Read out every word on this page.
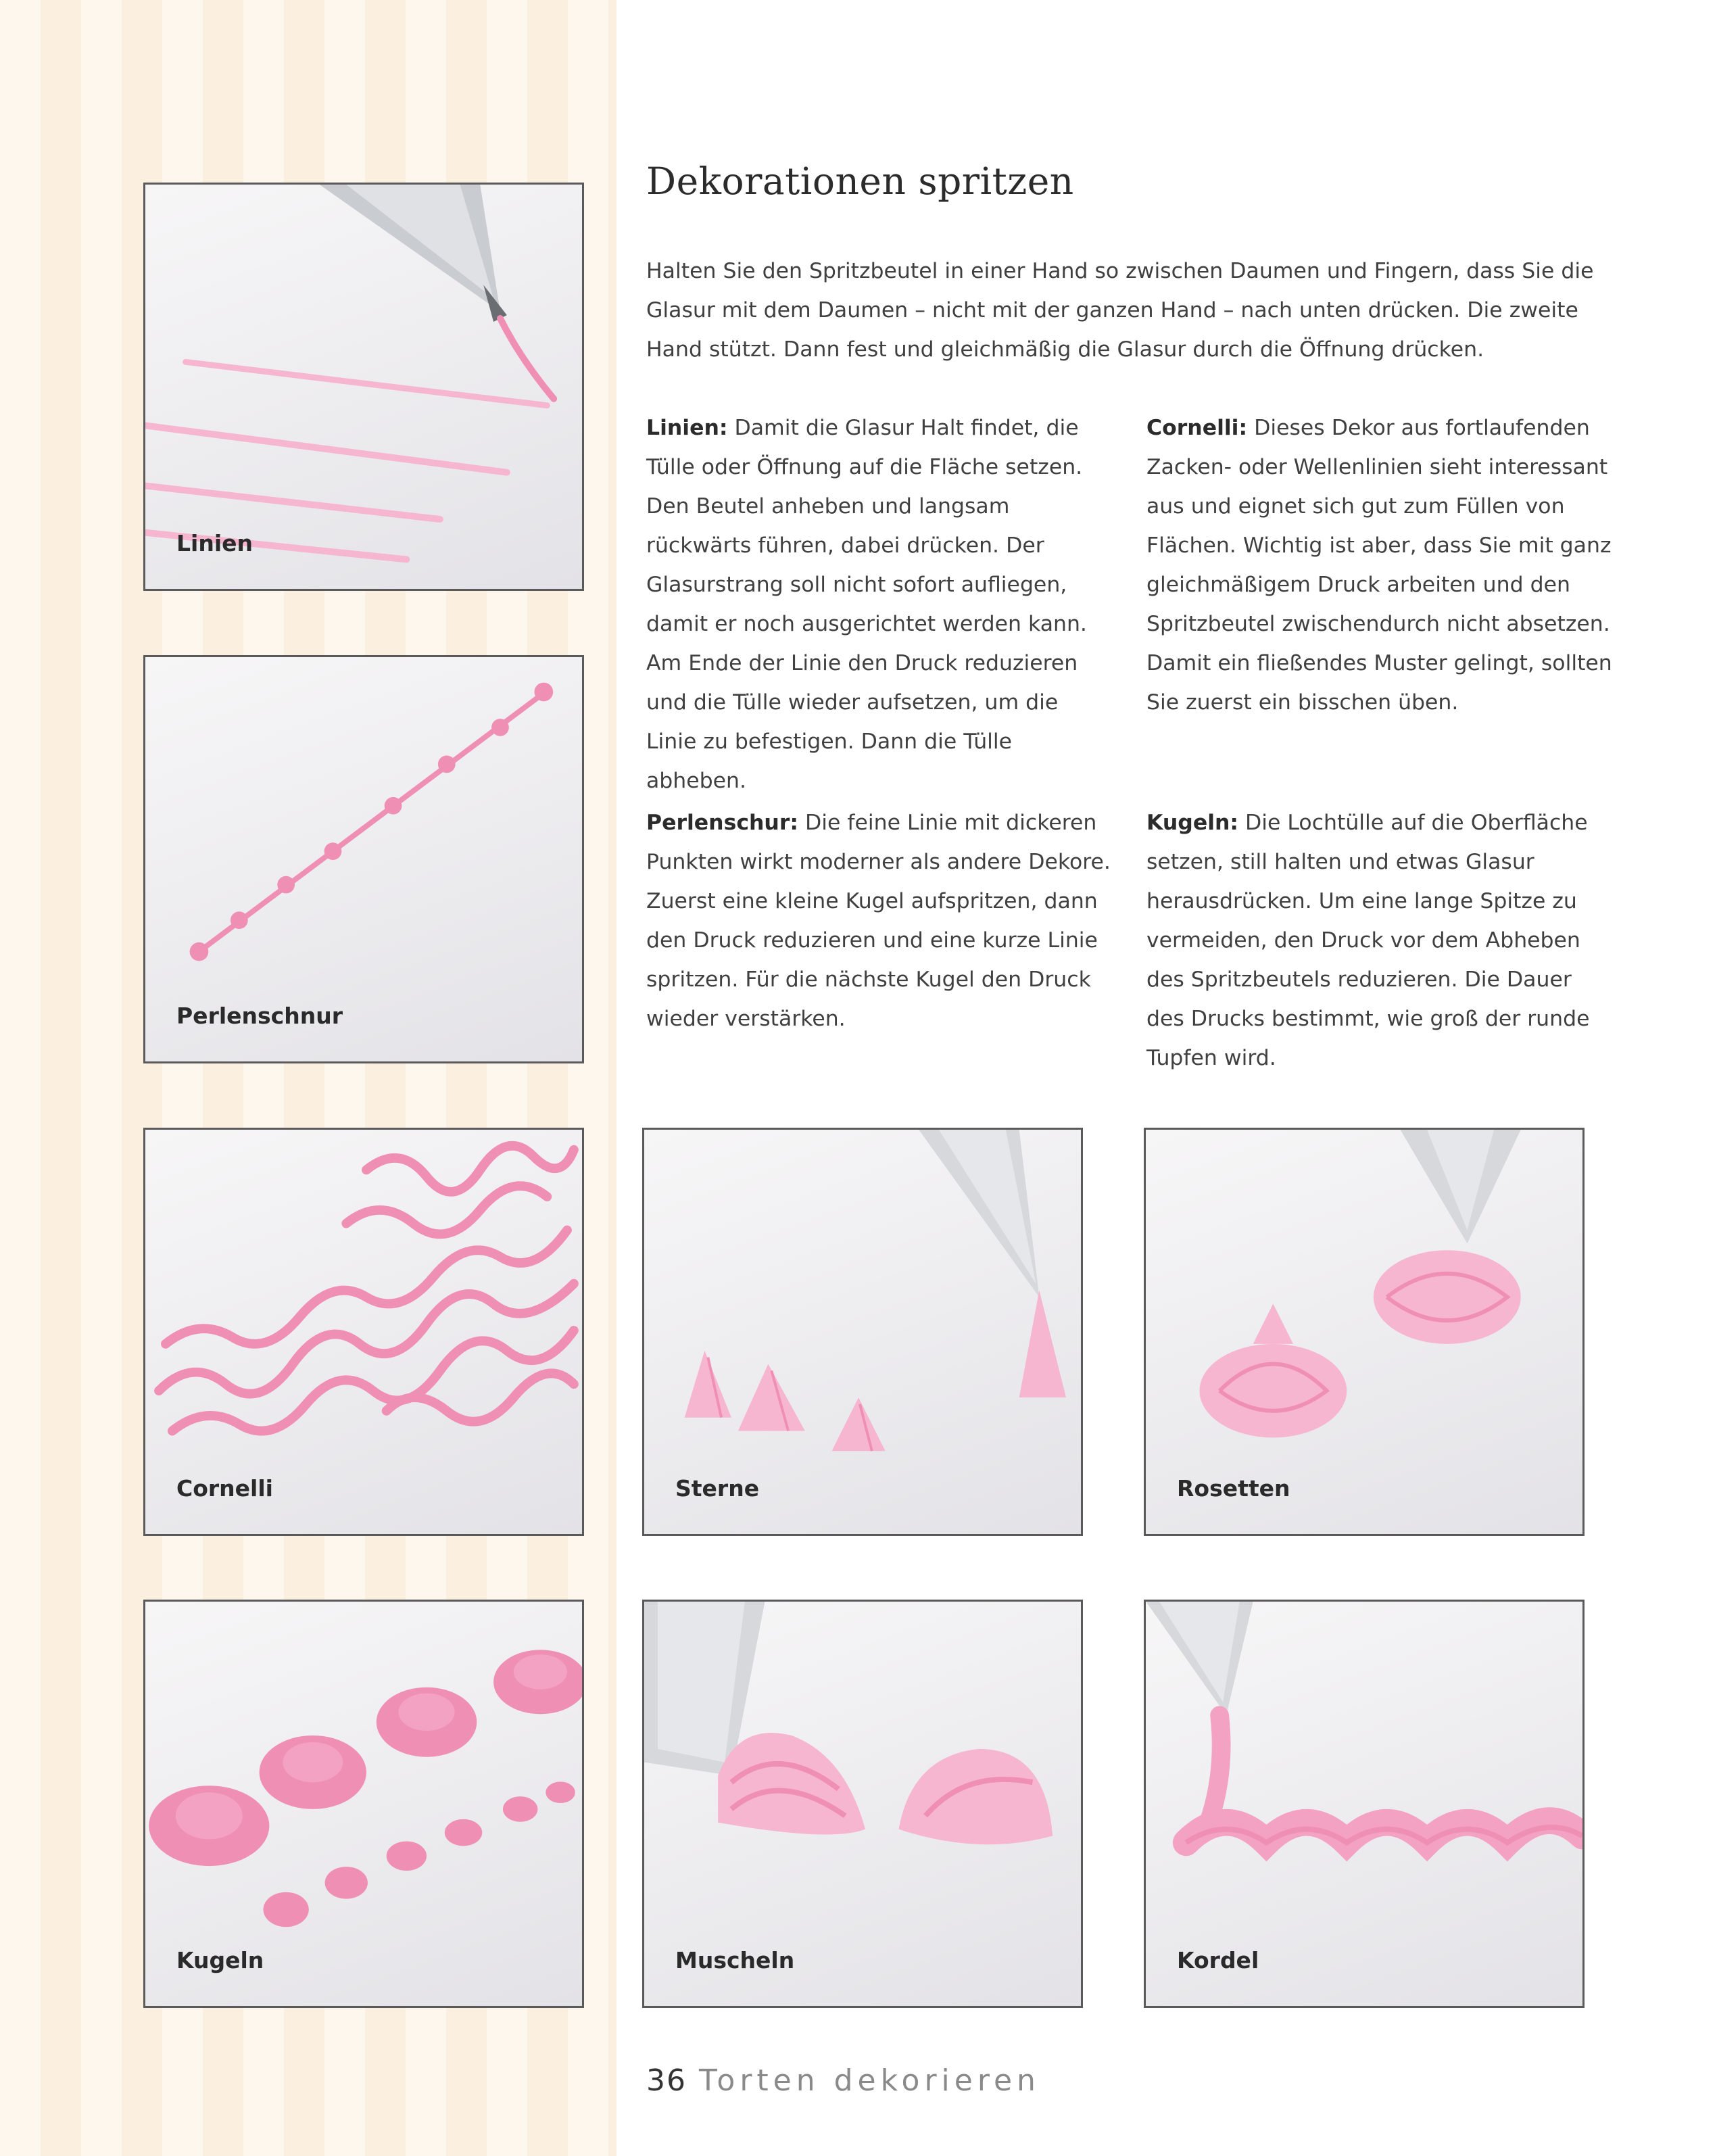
Dekorationen spritzen

Halten Sie den Spritzbeutel in einer Hand so zwischen Daumen und Fingern, dass Sie die Glasur mit dem Daumen – nicht mit der ganzen Hand – nach unten drücken. Die zweite Hand stützt. Dann fest und gleichmäßig die Glasur durch die Öffnung drücken.

Linien: Damit die Glasur Halt findet, die Tülle oder Öffnung auf die Fläche setzen. Den Beutel anheben und langsam rückwärts führen, dabei drücken. Der Glasurstrang soll nicht sofort aufliegen, damit er noch ausgerichtet werden kann. Am Ende der Linie den Druck reduzieren und die Tülle wieder aufsetzen, um die Linie zu befestigen. Dann die Tülle abheben.

Cornelli: Dieses Dekor aus fortlaufenden Zacken- oder Wellenlinien sieht interessant aus und eignet sich gut zum Füllen von Flächen. Wichtig ist aber, dass Sie mit ganz gleichmäßigem Druck arbeiten und den Spritzbeutel zwischendurch nicht absetzen. Damit ein fließendes Muster gelingt, sollten Sie zuerst ein bisschen üben.

Perlenschur: Die feine Linie mit dickeren Punkten wirkt moderner als andere Dekore. Zuerst eine kleine Kugel aufspritzen, dann den Druck reduzieren und eine kurze Linie spritzen. Für die nächste Kugel den Druck wieder verstärken.

Kugeln: Die Lochtülle auf die Oberfläche setzen, still halten und etwas Glasur herausdrücken. Um eine lange Spitze zu vermeiden, den Druck vor dem Abheben des Spritzbeutels reduzieren. Die Dauer des Drucks bestimmt, wie groß der runde Tupfen wird.

Linien
Perlenschnur
Cornelli	Sterne	Rosetten
Kugeln	Muscheln	Kordel
36 Torten dekorieren
